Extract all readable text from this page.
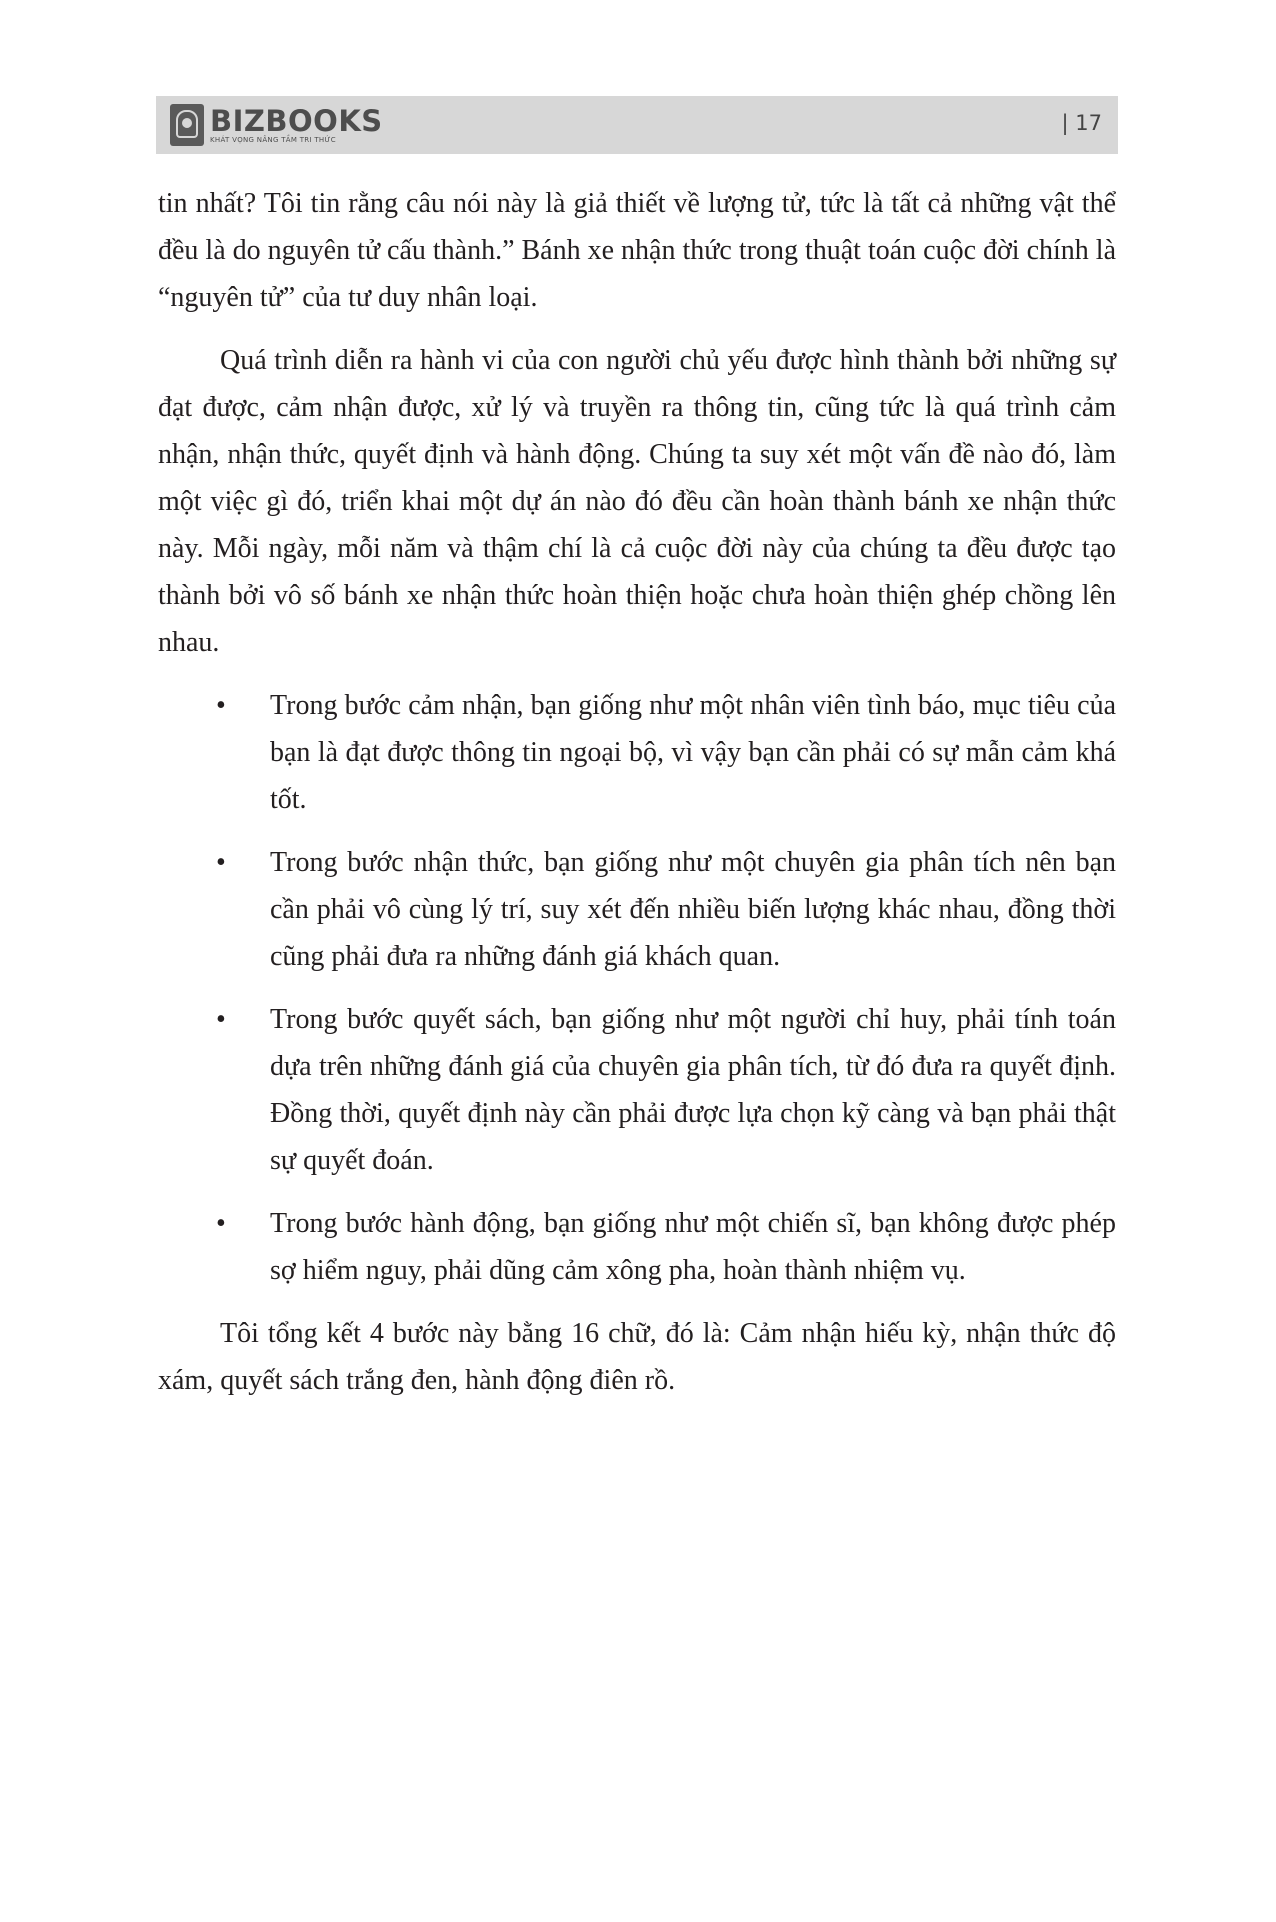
BIZBOOKS
KHÁT VỌNG NÂNG TẦM TRI THỨC
| 17

tin nhất? Tôi tin rằng câu nói này là giả thiết về lượng tử, tức là tất cả những vật thể đều là do nguyên tử cấu thành.” Bánh xe nhận thức trong thuật toán cuộc đời chính là “nguyên tử” của tư duy nhân loại.

Quá trình diễn ra hành vi của con người chủ yếu được hình thành bởi những sự đạt được, cảm nhận được, xử lý và truyền ra thông tin, cũng tức là quá trình cảm nhận, nhận thức, quyết định và hành động. Chúng ta suy xét một vấn đề nào đó, làm một việc gì đó, triển khai một dự án nào đó đều cần hoàn thành bánh xe nhận thức này. Mỗi ngày, mỗi năm và thậm chí là cả cuộc đời này của chúng ta đều được tạo thành bởi vô số bánh xe nhận thức hoàn thiện hoặc chưa hoàn thiện ghép chồng lên nhau.

• Trong bước cảm nhận, bạn giống như một nhân viên tình báo, mục tiêu của bạn là đạt được thông tin ngoại bộ, vì vậy bạn cần phải có sự mẫn cảm khá tốt.
• Trong bước nhận thức, bạn giống như một chuyên gia phân tích nên bạn cần phải vô cùng lý trí, suy xét đến nhiều biến lượng khác nhau, đồng thời cũng phải đưa ra những đánh giá khách quan.
• Trong bước quyết sách, bạn giống như một người chỉ huy, phải tính toán dựa trên những đánh giá của chuyên gia phân tích, từ đó đưa ra quyết định. Đồng thời, quyết định này cần phải được lựa chọn kỹ càng và bạn phải thật sự quyết đoán.
• Trong bước hành động, bạn giống như một chiến sĩ, bạn không được phép sợ hiểm nguy, phải dũng cảm xông pha, hoàn thành nhiệm vụ.

Tôi tổng kết 4 bước này bằng 16 chữ, đó là: Cảm nhận hiếu kỳ, nhận thức độ xám, quyết sách trắng đen, hành động điên rồ.
